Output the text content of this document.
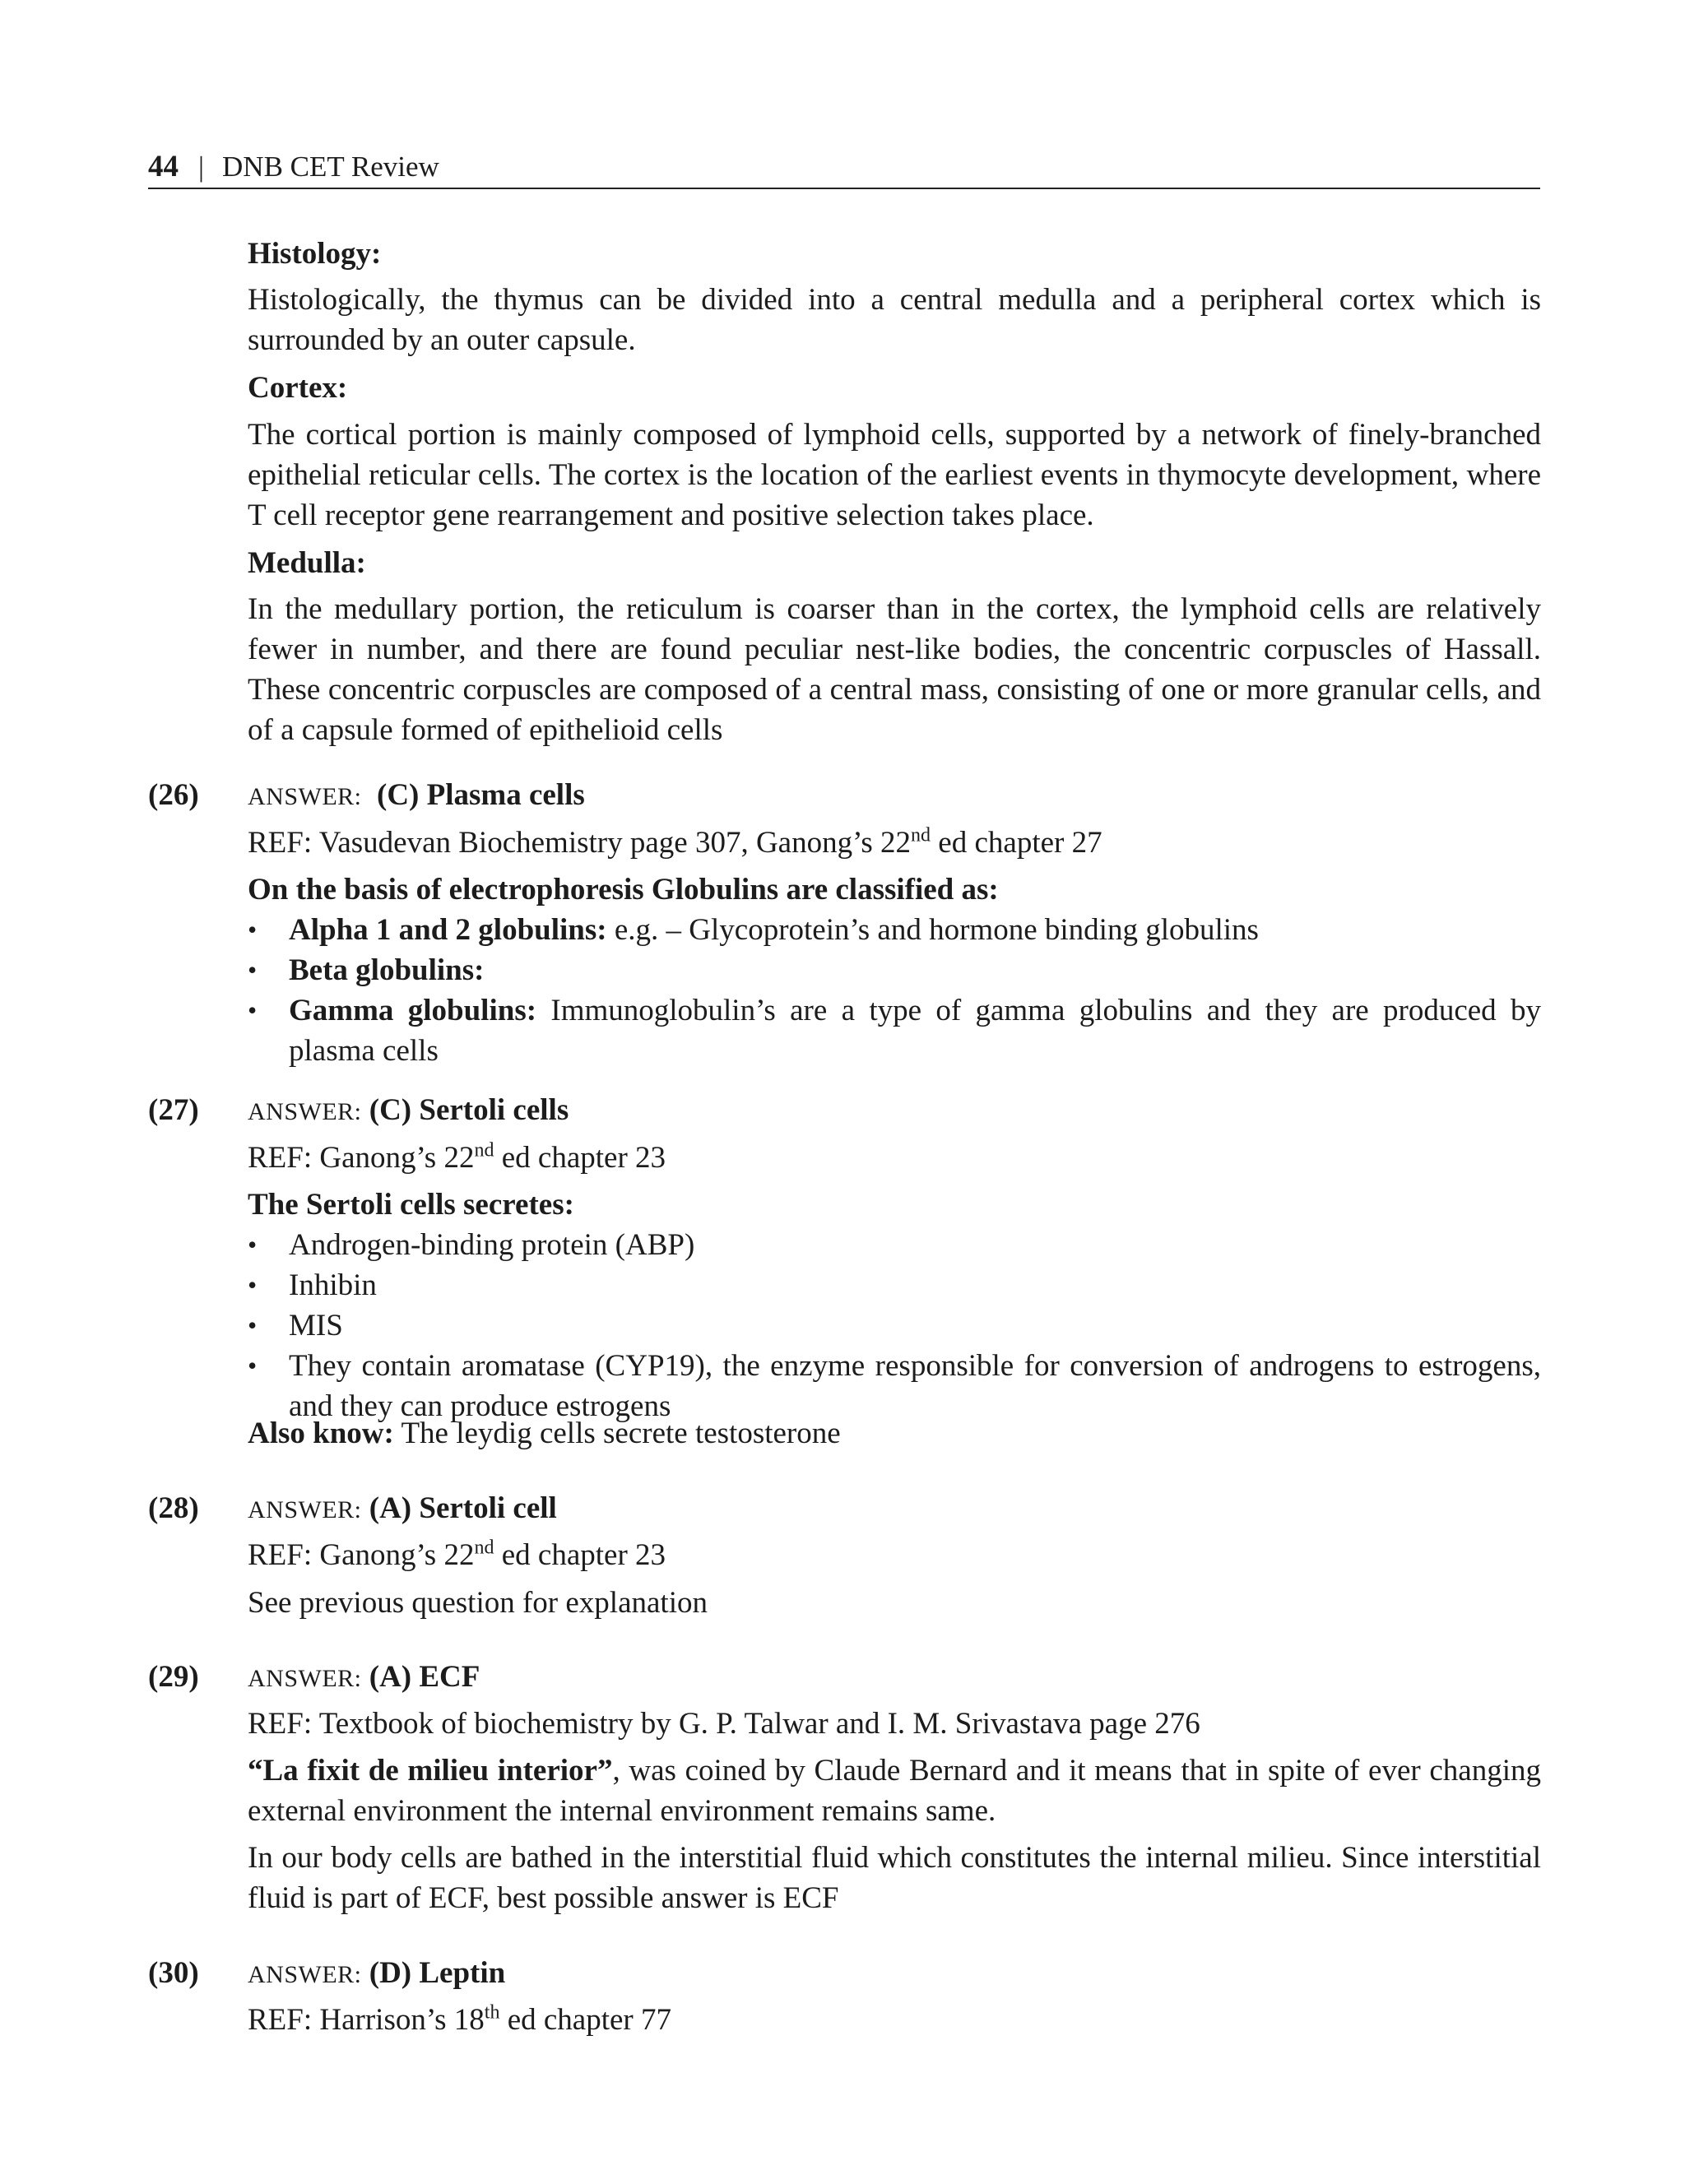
44 | DNB CET Review
Histology:
Histologically, the thymus can be divided into a central medulla and a peripheral cortex which is surrounded by an outer capsule.
Cortex:
The cortical portion is mainly composed of lymphoid cells, supported by a network of finely-branched epithelial reticular cells. The cortex is the location of the earliest events in thymocyte development, where T cell receptor gene rearrangement and positive selection takes place.
Medulla:
In the medullary portion, the reticulum is coarser than in the cortex, the lymphoid cells are relatively fewer in number, and there are found peculiar nest-like bodies, the concentric corpuscles of Hassall. These concentric corpuscles are composed of a central mass, consisting of one or more granular cells, and of a capsule formed of epithelioid cells
(26) ANSWER: (C) Plasma cells
REF: Vasudevan Biochemistry page 307, Ganong’s 22nd ed chapter 27
On the basis of electrophoresis Globulins are classified as:
• Alpha 1 and 2 globulins: e.g. – Glycoprotein’s and hormone binding globulins
• Beta globulins:
• Gamma globulins: Immunoglobulin’s are a type of gamma globulins and they are produced by plasma cells
(27) ANSWER: (C) Sertoli cells
REF: Ganong’s 22nd ed chapter 23
The Sertoli cells secretes:
• Androgen-binding protein (ABP)
• Inhibin
• MIS
• They contain aromatase (CYP19), the enzyme responsible for conversion of androgens to estrogens, and they can produce estrogens
Also know: The leydig cells secrete testosterone
(28) ANSWER: (A) Sertoli cell
REF: Ganong’s 22nd ed chapter 23
See previous question for explanation
(29) ANSWER: (A) ECF
REF: Textbook of biochemistry by G. P. Talwar and I. M. Srivastava page 276
“La fixit de milieu interior”, was coined by Claude Bernard and it means that in spite of ever changing external environment the internal environment remains same.
In our body cells are bathed in the interstitial fluid which constitutes the internal milieu. Since interstitial fluid is part of ECF, best possible answer is ECF
(30) ANSWER: (D) Leptin
REF: Harrison’s 18th ed chapter 77
